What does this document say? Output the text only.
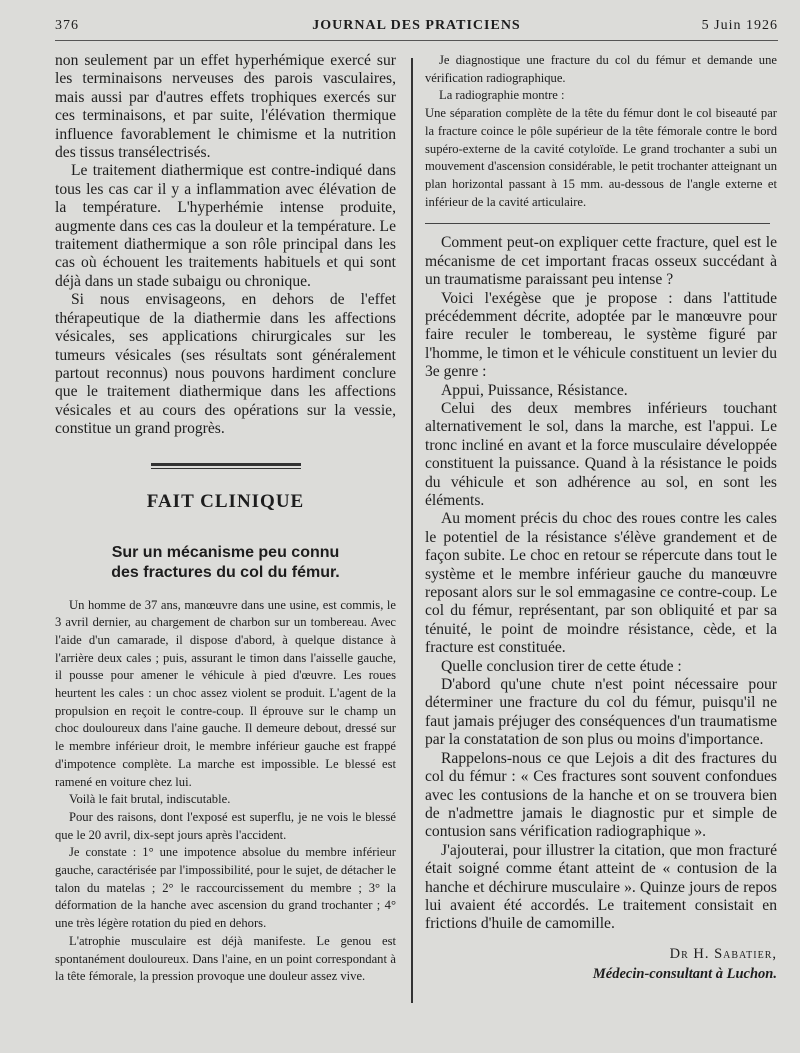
376	JOURNAL DES PRATICIENS	5 Juin 1926

non seulement par un effet hyperhémique exercé sur les terminaisons nerveuses des parois vasculaires, mais aussi par d'autres effets trophiques exercés sur ces terminaisons, et par suite, l'élévation thermique influence favorablement le chimisme et la nutrition des tissus transélectrisés.

Le traitement diathermique est contre-indiqué dans tous les cas car il y a inflammation avec élévation de la température. L'hyperhémie intense produite, augmente dans ces cas la douleur et la température. Le traitement diathermique a son rôle principal dans les cas où échouent les traitements habituels et qui sont déjà dans un stade subaigu ou chronique.

Si nous envisageons, en dehors de l'effet thérapeutique de la diathermie dans les affections vésicales, ses applications chirurgicales sur les tumeurs vésicales (ses résultats sont généralement partout reconnus) nous pouvons hardiment conclure que le traitement diathermique dans les affections vésicales et au cours des opérations sur la vessie, constitue un grand progrès.

FAIT CLINIQUE

Sur un mécanisme peu connu

des fractures du col du fémur.

Un homme de 37 ans, manœuvre dans une usine, est commis, le 3 avril dernier, au chargement de charbon sur un tombereau. Avec l'aide d'un camarade, il dispose d'abord, à quelque distance à l'arrière deux cales ; puis, assurant le timon dans l'aisselle gauche, il pousse pour amener le véhicule à pied d'œuvre. Les roues heurtent les cales : un choc assez violent se produit. L'agent de la propulsion en reçoit le contre-coup. Il éprouve sur le champ un choc douloureux dans l'aine gauche. Il demeure debout, dressé sur le membre inférieur droit, le membre inférieur gauche est frappé d'impotence complète. La marche est impossible. Le blessé est ramené en voiture chez lui.

Voilà le fait brutal, indiscutable.

Pour des raisons, dont l'exposé est superflu, je ne vois le blessé que le 20 avril, dix-sept jours après l'accident.

Je constate : 1° une impotence absolue du membre inférieur gauche, caractérisée par l'impossibilité, pour le sujet, de détacher le talon du matelas ; 2° le raccourcissement du membre ; 3° la déformation de la hanche avec ascension du grand trochanter ; 4° une très légère rotation du pied en dehors.

L'atrophie musculaire est déjà manifeste. Le genou est spontanément douloureux. Dans l'aine, en un point correspondant à la tête fémorale, la pression provoque une douleur assez vive.

Je diagnostique une fracture du col du fémur et demande une vérification radiographique.

La radiographie montre :

Une séparation complète de la tête du fémur dont le col biseauté par la fracture coince le pôle supérieur de la tête fémorale contre le bord supéro-externe de la cavité cotyloïde. Le grand trochanter a subi un mouvement d'ascension considérable, le petit trochanter atteignant un plan horizontal passant à 15 mm. au-dessous de l'angle externe et inférieur de la cavité articulaire.

Comment peut-on expliquer cette fracture, quel est le mécanisme de cet important fracas osseux succédant à un traumatisme paraissant peu intense ?

Voici l'exégèse que je propose : dans l'attitude précédemment décrite, adoptée par le manœuvre pour faire reculer le tombereau, le système figuré par l'homme, le timon et le véhicule constituent un levier du 3e genre :

Appui, Puissance, Résistance.

Celui des deux membres inférieurs touchant alternativement le sol, dans la marche, est l'appui. Le tronc incliné en avant et la force musculaire développée constituent la puissance. Quand à la résistance le poids du véhicule et son adhérence au sol, en sont les éléments.

Au moment précis du choc des roues contre les cales le potentiel de la résistance s'élève grandement et de façon subite. Le choc en retour se répercute dans tout le système et le membre inférieur gauche du manœuvre reposant alors sur le sol emmagasine ce contre-coup. Le col du fémur, représentant, par son obliquité et par sa ténuité, le point de moindre résistance, cède, et la fracture est constituée.

Quelle conclusion tirer de cette étude :

D'abord qu'une chute n'est point nécessaire pour déterminer une fracture du col du fémur, puisqu'il ne faut jamais préjuger des conséquences d'un traumatisme par la constatation de son plus ou moins d'importance.

Rappelons-nous ce que Lejois a dit des fractures du col du fémur : « Ces fractures sont souvent confondues avec les contusions de la hanche et on se trouvera bien de n'admettre jamais le diagnostic pur et simple de contusion sans vérification radiographique ».

J'ajouterai, pour illustrer la citation, que mon fracturé était soigné comme étant atteint de « contusion de la hanche et déchirure musculaire ». Quinze jours de repos lui avaient été accordés. Le traitement consistait en frictions d'huile de camomille.

Dr H. Sabatier,
Médecin-consultant à Luchon.
